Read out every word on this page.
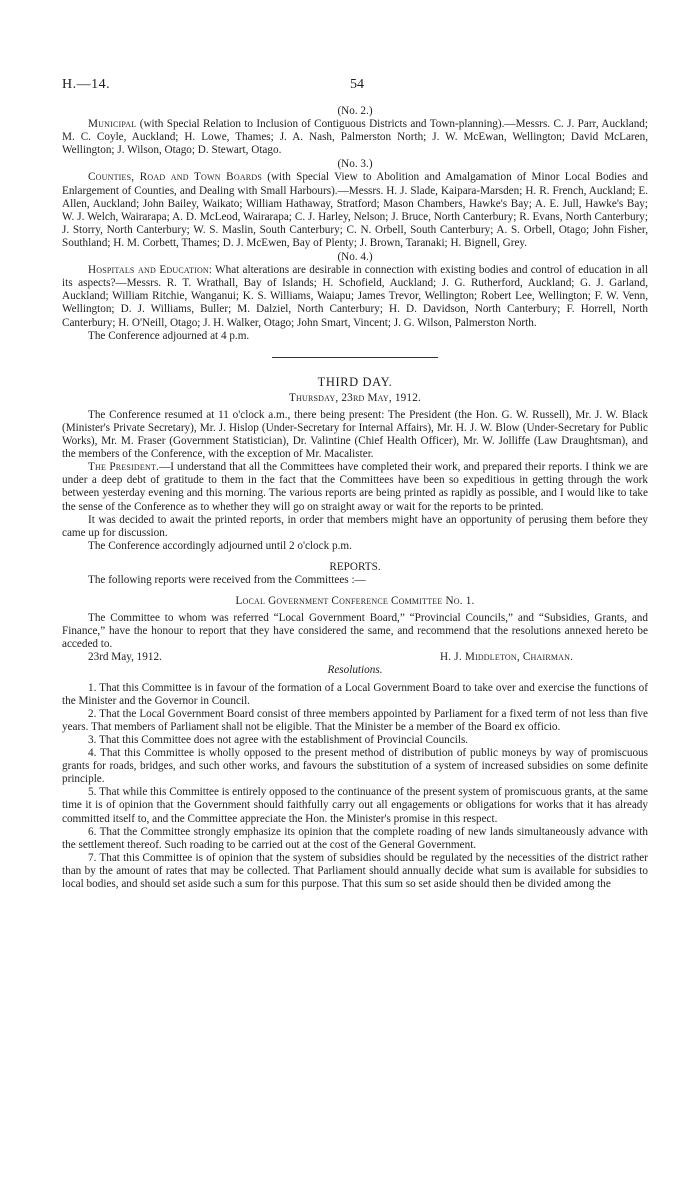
H.—14.	54

(No. 2.)

Municipal (with Special Relation to Inclusion of Contiguous Districts and Town-planning).—Messrs. C. J. Parr, Auckland; M. C. Coyle, Auckland; H. Lowe, Thames; J. A. Nash, Palmerston North; J. W. McEwan, Wellington; David McLaren, Wellington; J. Wilson, Otago; D. Stewart, Otago.

(No. 3.)

Counties, Road and Town Boards (with Special View to Abolition and Amalgamation of Minor Local Bodies and Enlargement of Counties, and Dealing with Small Harbours).—Messrs. H. J. Slade, Kaipara-Marsden; H. R. French, Auckland; E. Allen, Auckland; John Bailey, Waikato; William Hathaway, Stratford; Mason Chambers, Hawke's Bay; A. E. Jull, Hawke's Bay; W. J. Welch, Wairarapa; A. D. McLeod, Wairarapa; C. J. Harley, Nelson; J. Bruce, North Canterbury; R. Evans, North Canterbury; J. Storry, North Canterbury; W. S. Maslin, South Canterbury; C. N. Orbell, South Canterbury; A. S. Orbell, Otago; John Fisher, Southland; H. M. Corbett, Thames; D. J. McEwen, Bay of Plenty; J. Brown, Taranaki; H. Bignell, Grey.

(No. 4.)

Hospitals and Education: What alterations are desirable in connection with existing bodies and control of education in all its aspects?—Messrs. R. T. Wrathall, Bay of Islands; H. Schofield, Auckland; J. G. Rutherford, Auckland; G. J. Garland, Auckland; William Ritchie, Wanganui; K. S. Williams, Waiapu; James Trevor, Wellington; Robert Lee, Wellington; F. W. Venn, Wellington; D. J. Williams, Buller; M. Dalziel, North Canterbury; H. D. Davidson, North Canterbury; F. Horrell, North Canterbury; H. O'Neill, Otago; J. H. Walker, Otago; John Smart, Vincent; J. G. Wilson, Palmerston North.

The Conference adjourned at 4 p.m.

THIRD DAY.

Thursday, 23rd May, 1912.

The Conference resumed at 11 o'clock a.m., there being present: The President (the Hon. G. W. Russell), Mr. J. W. Black (Minister's Private Secretary), Mr. J. Hislop (Under-Secretary for Internal Affairs), Mr. H. J. W. Blow (Under-Secretary for Public Works), Mr. M. Fraser (Government Statistician), Dr. Valintine (Chief Health Officer), Mr. W. Jolliffe (Law Draughtsman), and the members of the Conference, with the exception of Mr. Macalister.

The President.—I understand that all the Committees have completed their work, and prepared their reports. I think we are under a deep debt of gratitude to them in the fact that the Committees have been so expeditious in getting through the work between yesterday evening and this morning. The various reports are being printed as rapidly as possible, and I would like to take the sense of the Conference as to whether they will go on straight away or wait for the reports to be printed.

It was decided to await the printed reports, in order that members might have an opportunity of perusing them before they came up for discussion.

The Conference accordingly adjourned until 2 o'clock p.m.

REPORTS.

The following reports were received from the Committees :—

Local Government Conference Committee No. 1.

The Committee to whom was referred “Local Government Board,” “Provincial Councils,” and “Subsidies, Grants, and Finance,” have the honour to report that they have considered the same, and recommend that the resolutions annexed hereto be acceded to.

23rd May, 1912.	H. J. Middleton, Chairman.

Resolutions.

1. That this Committee is in favour of the formation of a Local Government Board to take over and exercise the functions of the Minister and the Governor in Council.

2. That the Local Government Board consist of three members appointed by Parliament for a fixed term of not less than five years. That members of Parliament shall not be eligible. That the Minister be a member of the Board ex officio.

3. That this Committee does not agree with the establishment of Provincial Councils.

4. That this Committee is wholly opposed to the present method of distribution of public moneys by way of promiscuous grants for roads, bridges, and such other works, and favours the substitution of a system of increased subsidies on some definite principle.

5. That while this Committee is entirely opposed to the continuance of the present system of promiscuous grants, at the same time it is of opinion that the Government should faithfully carry out all engagements or obligations for works that it has already committed itself to, and the Committee appreciate the Hon. the Minister's promise in this respect.

6. That the Committee strongly emphasize its opinion that the complete roading of new lands simultaneously advance with the settlement thereof. Such roading to be carried out at the cost of the General Government.

7. That this Committee is of opinion that the system of subsidies should be regulated by the necessities of the district rather than by the amount of rates that may be collected. That Parliament should annually decide what sum is available for subsidies to local bodies, and should set aside such a sum for this purpose. That this sum so set aside should then be divided among the
